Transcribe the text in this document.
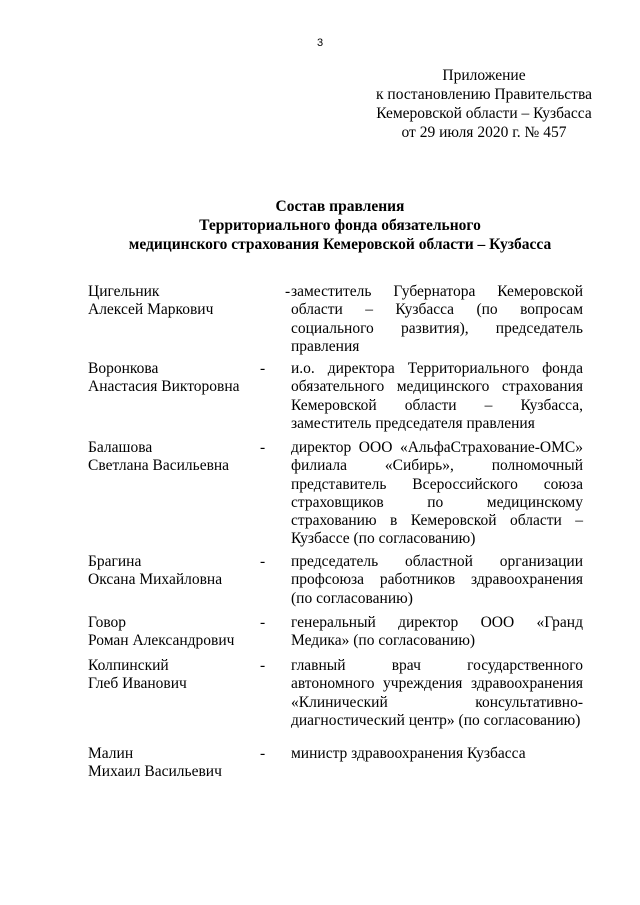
3
Приложение
к постановлению Правительства
Кемеровской области – Кузбасса
от 29 июля 2020 г. № 457
Состав правления
Территориального фонда обязательного
медицинского страхования Кемеровской области – Кузбасса
Цигельник
Алексей Маркович
- заместитель Губернатора Кемеровской области – Кузбасса (по вопросам социального развития), председатель правления
Воронкова
Анастасия Викторовна
- и.о. директора Территориального фонда обязательного медицинского страхования Кемеровской области – Кузбасса, заместитель председателя правления
Балашова
Светлана Васильевна
- директор ООО «АльфаСтрахование-ОМС» филиала «Сибирь», полномочный представитель Всероссийского союза страховщиков по медицинскому страхованию в Кемеровской области – Кузбассе (по согласованию)
Брагина
Оксана Михайловна
- председатель областной организации профсоюза работников здравоохранения (по согласованию)
Говор
Роман Александрович
- генеральный директор ООО «Гранд Медика» (по согласованию)
Колпинский
Глеб Иванович
- главный врач государственного автономного учреждения здравоохранения «Клинический консультативно-диагностический центр» (по согласованию)
Малин
Михаил Васильевич
- министр здравоохранения Кузбасса
